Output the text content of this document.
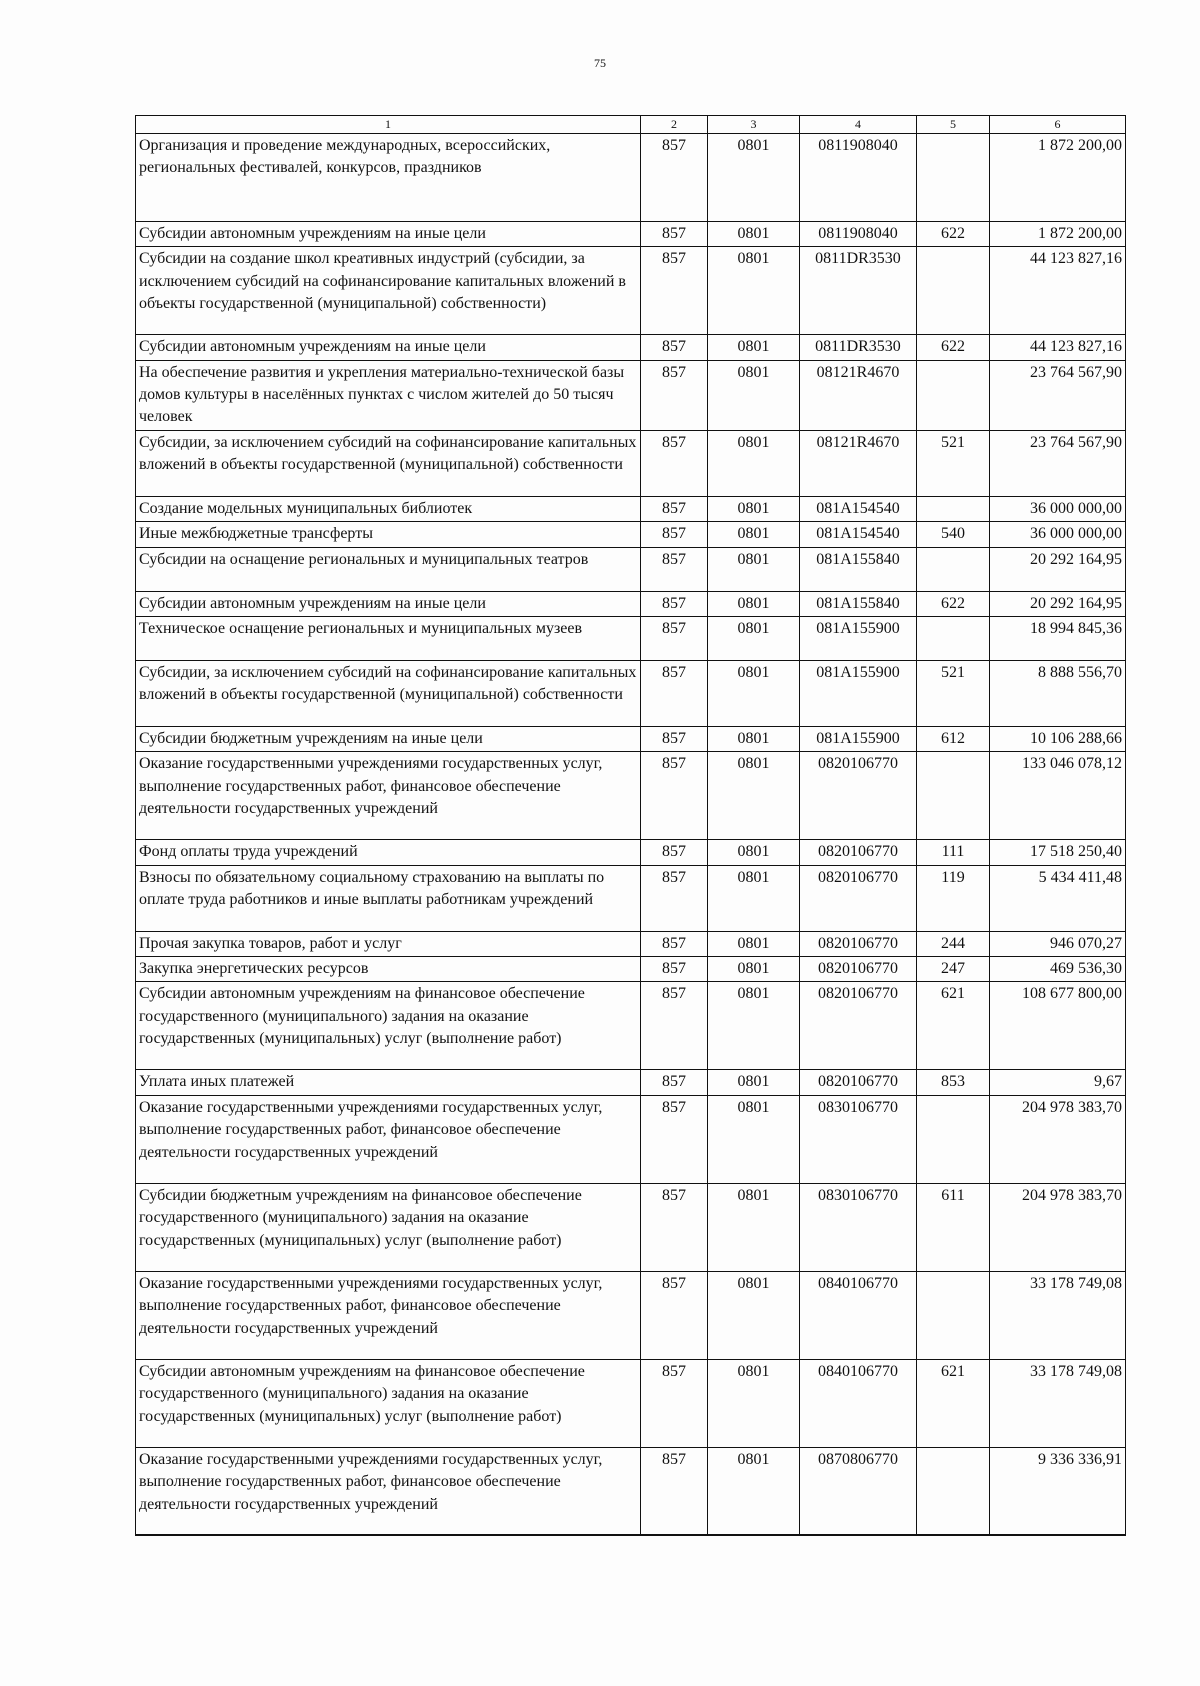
75
1	2	3	4	5	6
Организация и проведение международных, всероссийских, региональных фестивалей, конкурсов, праздников	857	0801	0811908040		1 872 200,00
Субсидии автономным учреждениям на иные цели	857	0801	0811908040	622	1 872 200,00
Субсидии на создание школ креативных индустрий (субсидии, за исключением субсидий на софинансирование капитальных вложений в объекты государственной (муниципальной) собственности)	857	0801	0811DR3530		44 123 827,16
Субсидии автономным учреждениям на иные цели	857	0801	0811DR3530	622	44 123 827,16
На обеспечение развития и укрепления материально-технической базы домов культуры в населённых пунктах с числом жителей до 50 тысяч человек	857	0801	08121R4670		23 764 567,90
Субсидии, за исключением субсидий на софинансирование капитальных вложений в объекты государственной (муниципальной) собственности	857	0801	08121R4670	521	23 764 567,90
Создание модельных муниципальных библиотек	857	0801	081A154540		36 000 000,00
Иные межбюджетные трансферты	857	0801	081A154540	540	36 000 000,00
Субсидии на оснащение региональных и муниципальных театров	857	0801	081A155840		20 292 164,95
Субсидии автономным учреждениям на иные цели	857	0801	081A155840	622	20 292 164,95
Техническое оснащение региональных и муниципальных музеев	857	0801	081A155900		18 994 845,36
Субсидии, за исключением субсидий на софинансирование капитальных вложений в объекты государственной (муниципальной) собственности	857	0801	081A155900	521	8 888 556,70
Субсидии бюджетным учреждениям на иные цели	857	0801	081A155900	612	10 106 288,66
Оказание государственными учреждениями государственных услуг, выполнение государственных работ, финансовое обеспечение деятельности государственных учреждений	857	0801	0820106770		133 046 078,12
Фонд оплаты труда учреждений	857	0801	0820106770	111	17 518 250,40
Взносы по обязательному социальному страхованию на выплаты по оплате труда работников и иные выплаты работникам учреждений	857	0801	0820106770	119	5 434 411,48
Прочая закупка товаров, работ и услуг	857	0801	0820106770	244	946 070,27
Закупка энергетических ресурсов	857	0801	0820106770	247	469 536,30
Субсидии автономным учреждениям на финансовое обеспечение государственного (муниципального) задания на оказание государственных (муниципальных) услуг (выполнение работ)	857	0801	0820106770	621	108 677 800,00
Уплата иных платежей	857	0801	0820106770	853	9,67
Оказание государственными учреждениями государственных услуг, выполнение государственных работ, финансовое обеспечение деятельности государственных учреждений	857	0801	0830106770		204 978 383,70
Субсидии бюджетным учреждениям на финансовое обеспечение государственного (муниципального) задания на оказание государственных (муниципальных) услуг (выполнение работ)	857	0801	0830106770	611	204 978 383,70
Оказание государственными учреждениями государственных услуг, выполнение государственных работ, финансовое обеспечение деятельности государственных учреждений	857	0801	0840106770		33 178 749,08
Субсидии автономным учреждениям на финансовое обеспечение государственного (муниципального) задания на оказание государственных (муниципальных) услуг (выполнение работ)	857	0801	0840106770	621	33 178 749,08
Оказание государственными учреждениями государственных услуг, выполнение государственных работ, финансовое обеспечение деятельности государственных учреждений	857	0801	0870806770		9 336 336,91
